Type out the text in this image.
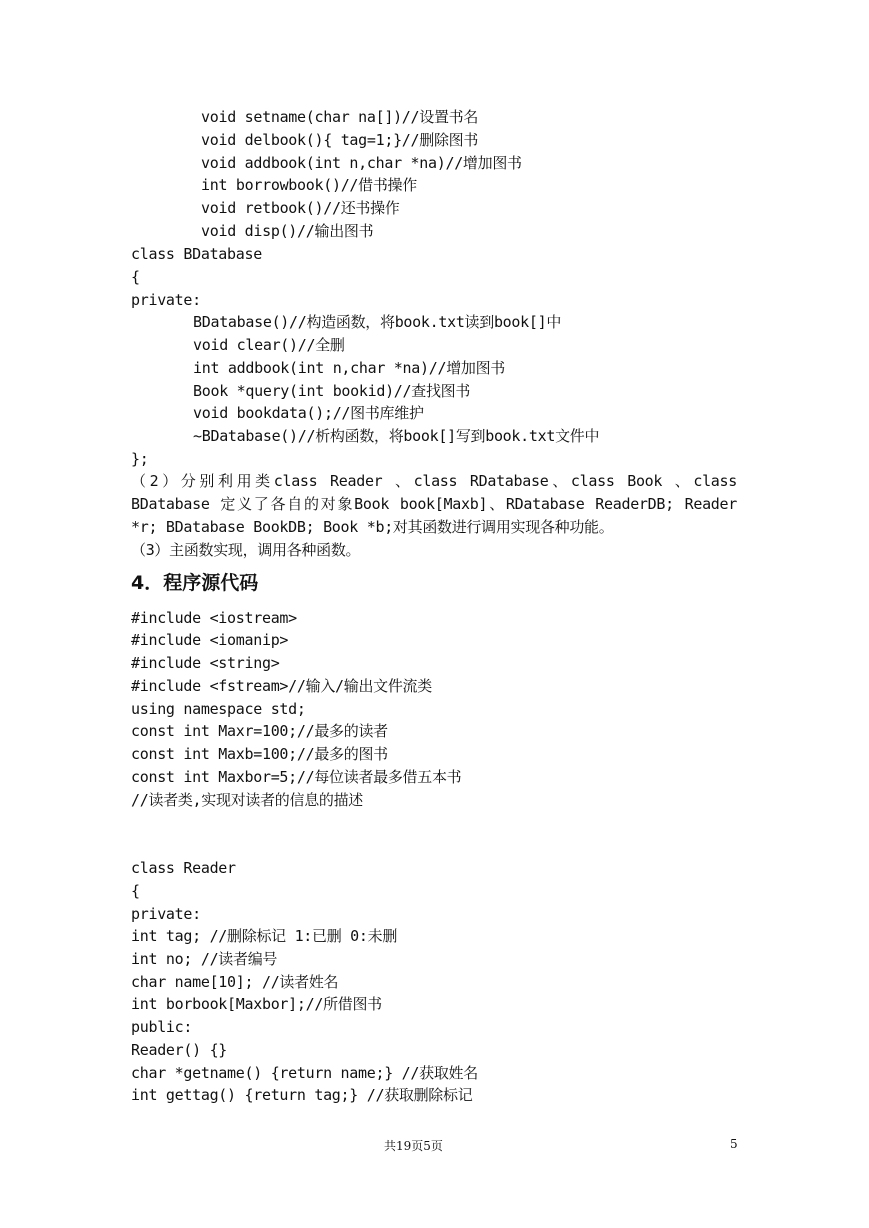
void setname(char na[])//设置书名
void delbook(){ tag=1;}//删除图书
void addbook(int n,char *na)//增加图书
int borrowbook()//借书操作
void retbook()//还书操作
void disp()//输出图书
class BDatabase
{
private:
BDatabase()//构造函数，将book.txt读到book[]中
void clear()//全删
int addbook(int n,char *na)//增加图书
Book *query(int bookid)//查找图书
void bookdata();//图书库维护
~BDatabase()//析构函数，将book[]写到book.txt文件中
};
（2）分别利用类class Reader 、class RDatabase、class Book 、class BDatabase 定义了各自的对象Book book[Maxb]、RDatabase ReaderDB; Reader *r; BDatabase BookDB; Book *b;对其函数进行调用实现各种功能。
（3）主函数实现，调用各种函数。
4．程序源代码
#include <iostream>
#include <iomanip>
#include <string>
#include <fstream>//输入/输出文件流类
using namespace std;
const int Maxr=100;//最多的读者
const int Maxb=100;//最多的图书
const int Maxbor=5;//每位读者最多借五本书
//读者类,实现对读者的信息的描述
class Reader
{
private:
int tag; //删除标记 1:已删 0:未删
int no; //读者编号
char name[10]; //读者姓名
int borbook[Maxbor];//所借图书
public:
Reader() {}
char *getname() {return name;} //获取姓名
int gettag() {return tag;} //获取删除标记
共19页5页	5
